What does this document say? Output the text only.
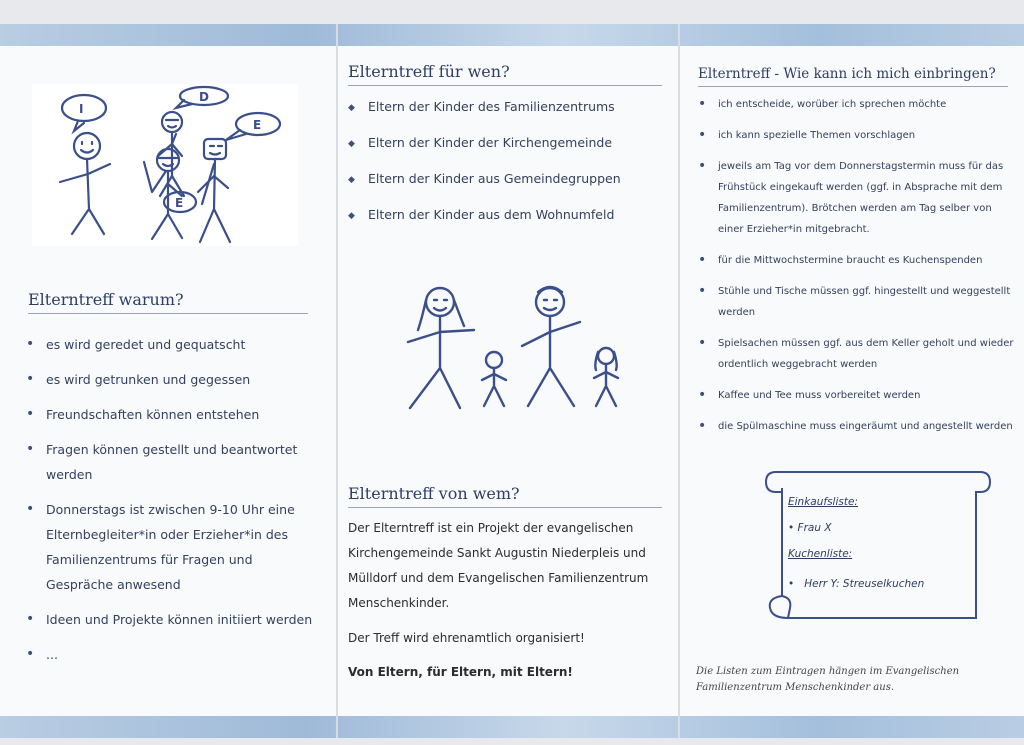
I
D
E
E
Elterntreff warum?
• es wird geredet und gequatscht
• es wird getrunken und gegessen
• Freundschaften können entstehen
• Fragen können gestellt und beantwortet werden
• Donnerstags ist zwischen 9-10 Uhr eine Elternbegleiter*in oder Erzieher*in des Familienzentrums für Fragen und Gespräche anwesend
• Ideen und Projekte können initiiert werden
• ...
Elterntreff für wen?
◆ Eltern der Kinder des Familienzentrums
◆ Eltern der Kinder der Kirchengemeinde
◆ Eltern der Kinder aus Gemeindegruppen
◆ Eltern der Kinder aus dem Wohnumfeld
Elterntreff von wem?
Der Elterntreff ist ein Projekt der evangelischen Kirchengemeinde Sankt Augustin Niederpleis und Mülldorf und dem Evangelischen Familienzentrum Menschenkinder.
Der Treff wird ehrenamtlich organisiert!
Von Eltern, für Eltern, mit Eltern!
Elterntreff - Wie kann ich mich einbringen?
• ich entscheide, worüber ich sprechen möchte
• ich kann spezielle Themen vorschlagen
• jeweils am Tag vor dem Donnerstagstermin muss für das Frühstück eingekauft werden (ggf. in Absprache mit dem Familienzentrum). Brötchen werden am Tag selber von einer Erzieher*in mitgebracht.
• für die Mittwochstermine braucht es Kuchenspenden
• Stühle und Tische müssen ggf. hingestellt und weggestellt werden
• Spielsachen müssen ggf. aus dem Keller geholt und wieder ordentlich weggebracht werden
• Kaffee und Tee muss vorbereitet werden
• die Spülmaschine muss eingeräumt und angestellt werden
Einkaufsliste:
• Frau X
Kuchenliste:
•   Herr Y: Streuselkuchen
Die Listen zum Eintragen hängen im Evangelischen Familienzentrum Menschenkinder aus.
